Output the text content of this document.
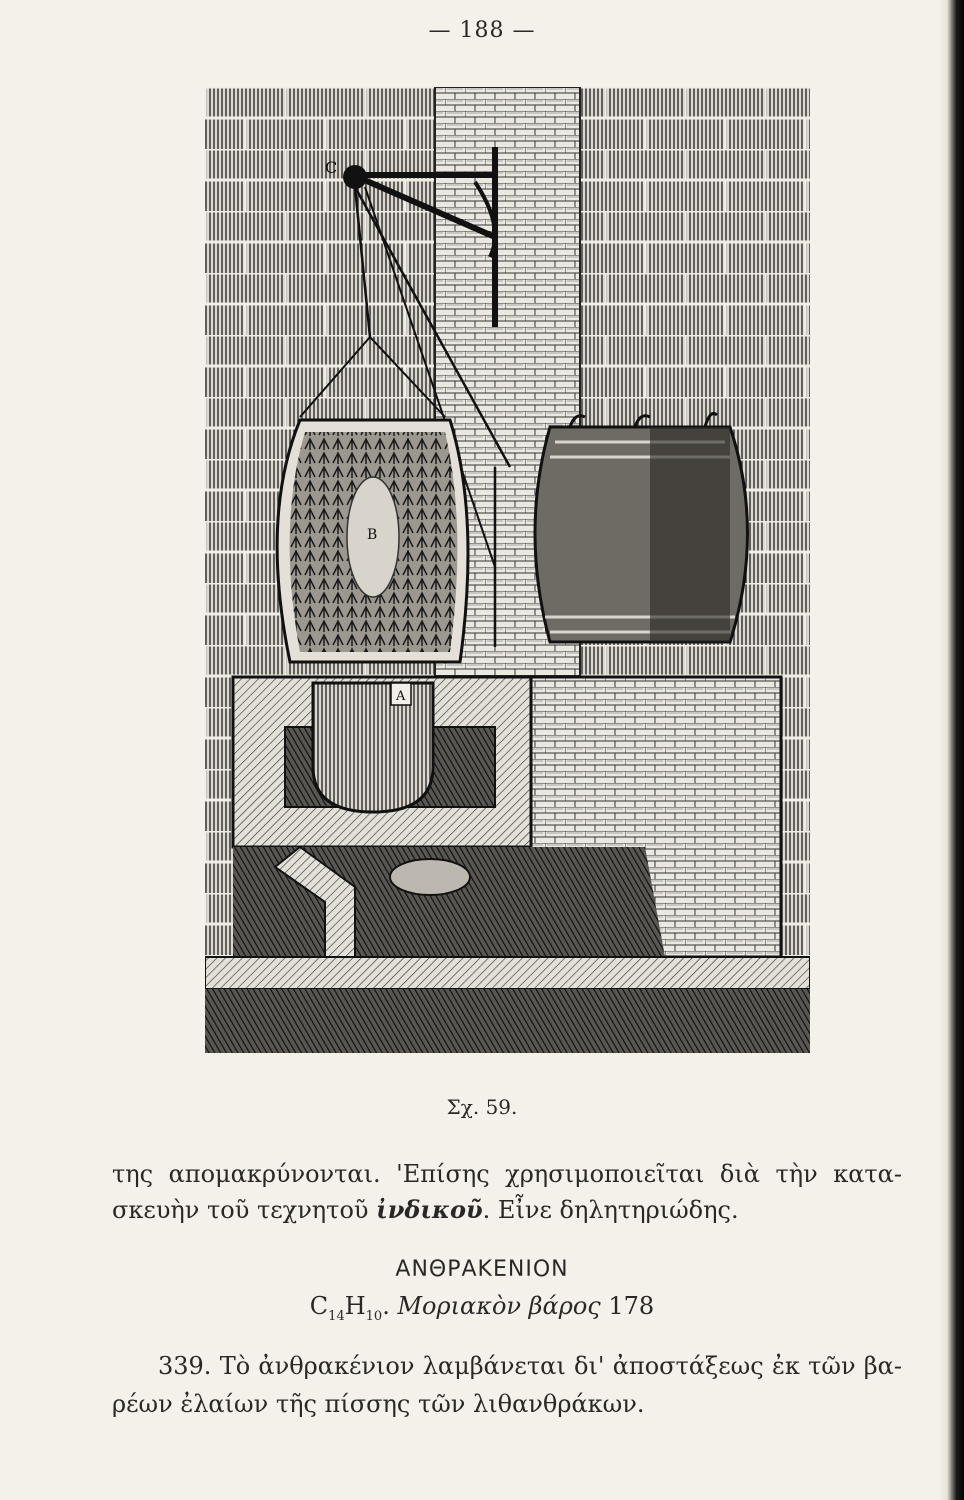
— 188 —
C
B
A
Σχ. 59.
της απομακρύνονται. 'Επίσης χρησιμοποιεῖται διὰ τὴν κατα-
σκευὴν τοῦ τεχνητοῦ ἰνδικοῦ. Εἶνε δηλητηριώδης.
ΑΝΘΡΑΚΕΝΙΟΝ
$C_{14}H_{10}$. Μοριακὸν βάρος 178
339. Τὸ ἀνθρακένιον λαμβάνεται δι' ἀποστάξεως ἐκ τῶν βα-
ρέων ἐλαίων τῆς πίσσης τῶν λιθανθράκων.
